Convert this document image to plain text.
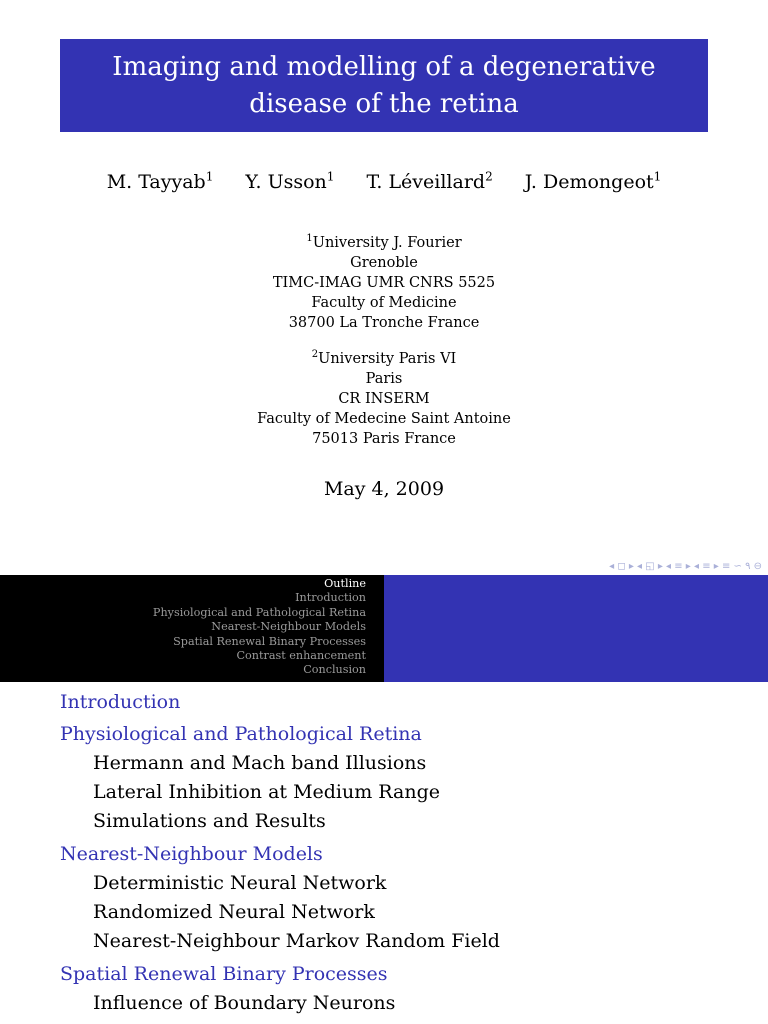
Imaging and modelling of a degenerative
disease of the retina
M. Tayyab$^1$ Y. Usson$^1$ T. Léveillard$^2$ J. Demongeot$^1$
$^1$University J. Fourier
Grenoble
TIMC-IMAG UMR CNRS 5525
Faculty of Medicine
38700 La Tronche France
$^2$University Paris VI
Paris
CR INSERM
Faculty of Medecine Saint Antoine
75013 Paris France
May 4, 2009
◂ ◻ ▸ ◂ ◱ ▸ ◂ ≡ ▸ ◂ ≡ ▸ ≡ ∽ ۹ ⊖
Outline
Introduction
Physiological and Pathological Retina
Nearest-Neighbour Models
Spatial Renewal Binary Processes
Contrast enhancement
Conclusion
Introduction
Physiological and Pathological Retina
Hermann and Mach band Illusions
Lateral Inhibition at Medium Range
Simulations and Results
Nearest-Neighbour Models
Deterministic Neural Network
Randomized Neural Network
Nearest-Neighbour Markov Random Field
Spatial Renewal Binary Processes
Influence of Boundary Neurons
